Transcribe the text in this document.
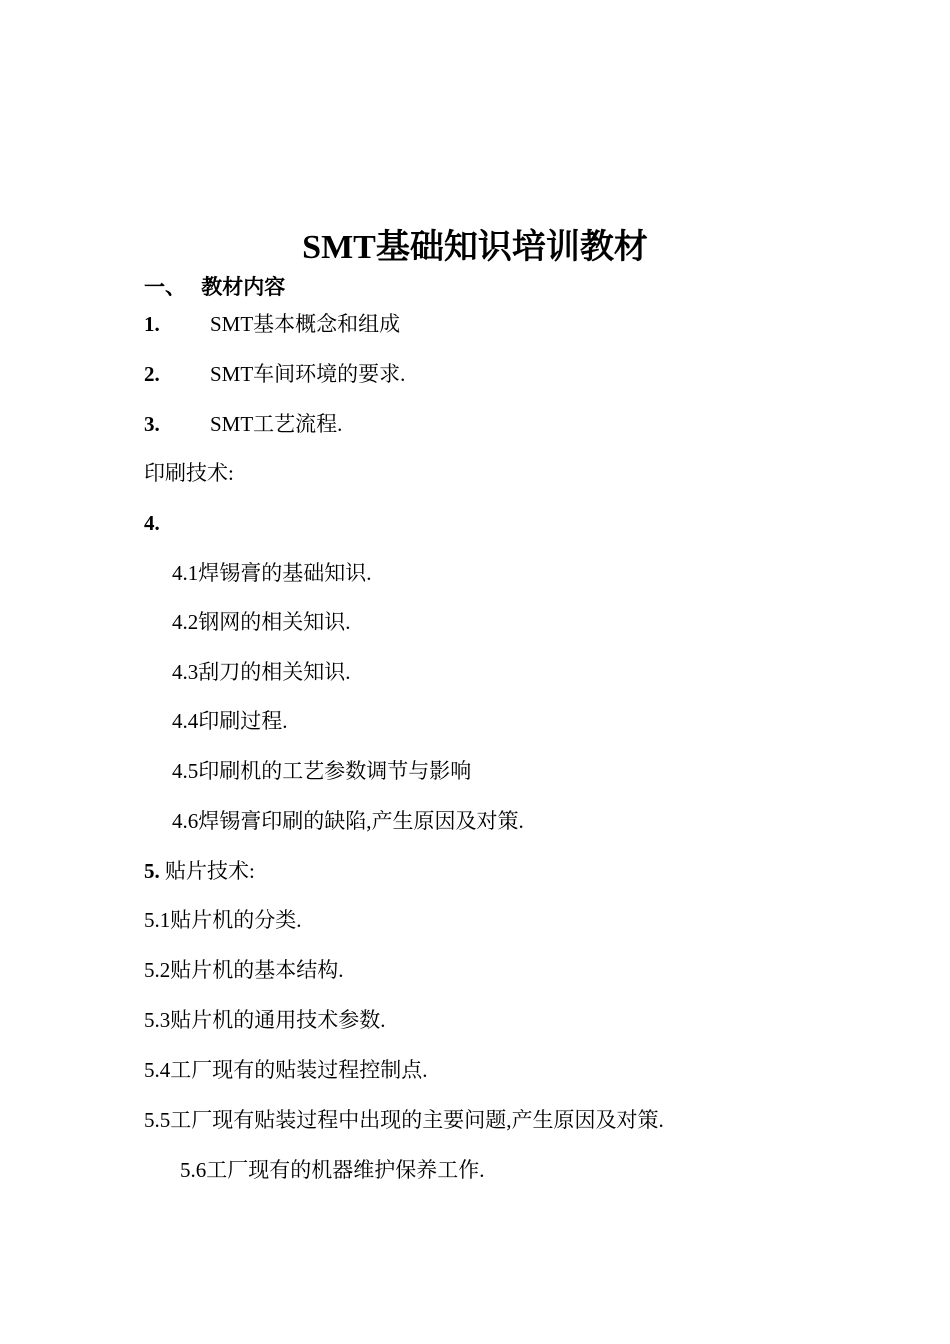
SMT基础知识培训教材
一、 教材内容
1. SMT基本概念和组成
2. SMT车间环境的要求.
3. SMT工艺流程.
印刷技术:
4.
4.1焊锡膏的基础知识.
4.2钢网的相关知识.
4.3刮刀的相关知识.
4.4印刷过程.
4.5印刷机的工艺参数调节与影响
4.6焊锡膏印刷的缺陷,产生原因及对策.
5. 贴片技术:
5.1贴片机的分类.
5.2贴片机的基本结构.
5.3贴片机的通用技术参数.
5.4工厂现有的贴装过程控制点.
5.5工厂现有贴装过程中出现的主要问题,产生原因及对策.
5.6工厂现有的机器维护保养工作.
